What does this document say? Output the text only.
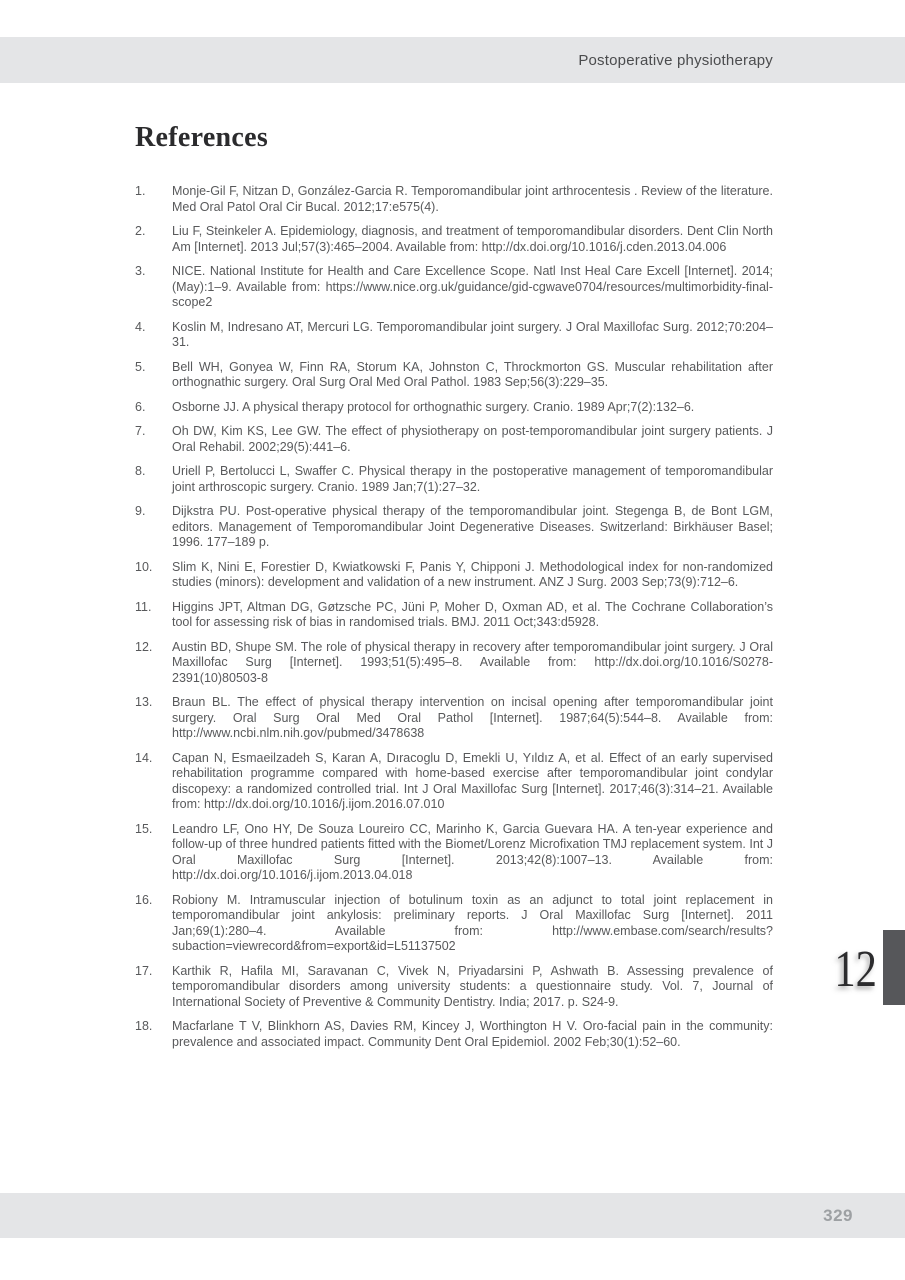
Postoperative physiotherapy
References
1.	Monje-Gil F, Nitzan D, González-Garcia R. Temporomandibular joint arthrocentesis . Review of the literature. Med Oral Patol Oral Cir Bucal. 2012;17:e575(4).
2.	Liu F, Steinkeler A. Epidemiology, diagnosis, and treatment of temporomandibular disorders. Dent Clin North Am [Internet]. 2013 Jul;57(3):465–2004. Available from: http://dx.doi.org/10.1016/j.cden.2013.04.006
3.	NICE. National Institute for Health and Care Excellence Scope. Natl Inst Heal Care Excell [Internet]. 2014;(May):1–9. Available from: https://www.nice.org.uk/guidance/gid-cgwave0704/resources/multimorbidity-final-scope2
4.	Koslin M, Indresano AT, Mercuri LG. Temporomandibular joint surgery. J Oral Maxillofac Surg. 2012;70:204–31.
5.	Bell WH, Gonyea W, Finn RA, Storum KA, Johnston C, Throckmorton GS. Muscular rehabilitation after orthognathic surgery. Oral Surg Oral Med Oral Pathol. 1983 Sep;56(3):229–35.
6.	Osborne JJ. A physical therapy protocol for orthognathic surgery. Cranio. 1989 Apr;7(2):132–6.
7.	Oh DW, Kim KS, Lee GW. The effect of physiotherapy on post-temporomandibular joint surgery patients. J Oral Rehabil. 2002;29(5):441–6.
8.	Uriell P, Bertolucci L, Swaffer C. Physical therapy in the postoperative management of temporomandibular joint arthroscopic surgery. Cranio. 1989 Jan;7(1):27–32.
9.	Dijkstra PU. Post-operative physical therapy of the temporomandibular joint. Stegenga B, de Bont LGM, editors. Management of Temporomandibular Joint Degenerative Diseases. Switzerland: Birkhäuser Basel; 1996. 177–189 p.
10.	Slim K, Nini E, Forestier D, Kwiatkowski F, Panis Y, Chipponi J. Methodological index for non-randomized studies (minors): development and validation of a new instrument. ANZ J Surg. 2003 Sep;73(9):712–6.
11.	Higgins JPT, Altman DG, Gøtzsche PC, Jüni P, Moher D, Oxman AD, et al. The Cochrane Collaboration’s tool for assessing risk of bias in randomised trials. BMJ. 2011 Oct;343:d5928.
12.	Austin BD, Shupe SM. The role of physical therapy in recovery after temporomandibular joint surgery. J Oral Maxillofac Surg [Internet]. 1993;51(5):495–8. Available from: http://dx.doi.org/10.1016/S0278-2391(10)80503-8
13.	Braun BL. The effect of physical therapy intervention on incisal opening after temporomandibular joint surgery. Oral Surg Oral Med Oral Pathol [Internet]. 1987;64(5):544–8. Available from: http://www.ncbi.nlm.nih.gov/pubmed/3478638
14.	Capan N, Esmaeilzadeh S, Karan A, Dıracoglu D, Emekli U, Yıldız A, et al. Effect of an early supervised rehabilitation programme compared with home-based exercise after temporomandibular joint condylar discopexy: a randomized controlled trial. Int J Oral Maxillofac Surg [Internet]. 2017;46(3):314–21. Available from: http://dx.doi.org/10.1016/j.ijom.2016.07.010
15.	Leandro LF, Ono HY, De Souza Loureiro CC, Marinho K, Garcia Guevara HA. A ten-year experience and follow-up of three hundred patients fitted with the Biomet/Lorenz Microfixation TMJ replacement system. Int J Oral Maxillofac Surg [Internet]. 2013;42(8):1007–13. Available from: http://dx.doi.org/10.1016/j.ijom.2013.04.018
16.	Robiony M. Intramuscular injection of botulinum toxin as an adjunct to total joint replacement in temporomandibular joint ankylosis: preliminary reports. J Oral Maxillofac Surg [Internet]. 2011 Jan;69(1):280–4. Available from: http://www.embase.com/search/results?subaction=viewrecord&from=export&id=L51137502
17.	Karthik R, Hafila MI, Saravanan C, Vivek N, Priyadarsini P, Ashwath B. Assessing prevalence of temporomandibular disorders among university students: a questionnaire study. Vol. 7, Journal of International Society of Preventive & Community Dentistry. India; 2017. p. S24-9.
18.	Macfarlane T V, Blinkhorn AS, Davies RM, Kincey J, Worthington H V. Oro-facial pain in the community: prevalence and associated impact. Community Dent Oral Epidemiol. 2002 Feb;30(1):52–60.
12
329
